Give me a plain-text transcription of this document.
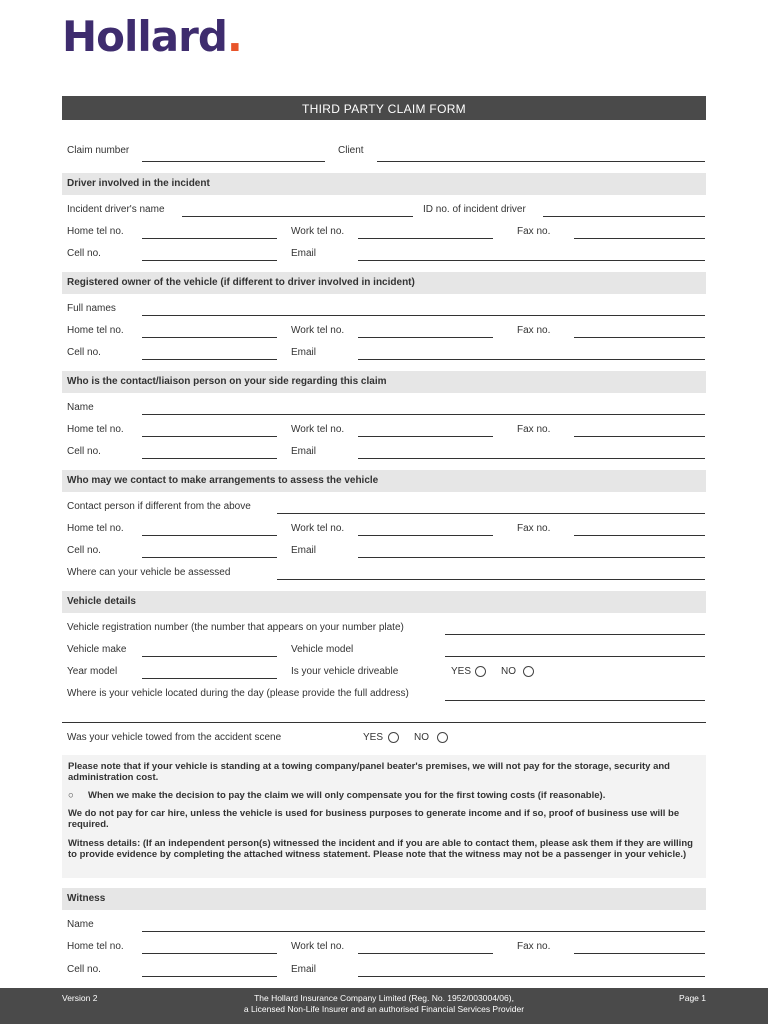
Hollard.
THIRD PARTY CLAIM FORM
Claim number	Client
Driver involved in the incident
Incident driver's name	ID no. of incident driver
Home tel no.	Work tel no.	Fax no.
Cell no.	Email
Registered owner of the vehicle (if different to driver involved in incident)
Full names
Home tel no.	Work tel no.	Fax no.
Cell no.	Email
Who is the contact/liaison person on your side regarding this claim
Name
Home tel no.	Work tel no.	Fax no.
Cell no.	Email
Who may we contact to make arrangements to assess the vehicle
Contact person if different from the above
Home tel no.	Work tel no.	Fax no.
Cell no.	Email
Where can your vehicle be assessed
Vehicle details
Vehicle registration number (the number that appears on your number plate)
Vehicle make	Vehicle model
Year model	Is your vehicle driveable	YES	NO
Where is your vehicle located during the day (please provide the full address)
Was your vehicle towed from the accident scene	YES	NO
Please note that if your vehicle is standing at a towing company/panel beater's premises, we will not pay for the storage, security and administration cost.
○	When we make the decision to pay the claim we will only compensate you for the first towing costs (if reasonable).
We do not pay for car hire, unless the vehicle is used for business purposes to generate income and if so, proof of business use will be required.
Witness details: (If an independent person(s) witnessed the incident and if you are able to contact them, please ask them if they are willing to provide evidence by completing the attached witness statement. Please note that the witness may not be a passenger in your vehicle.)
Witness
Name
Home tel no.	Work tel no.	Fax no.
Cell no.	Email
Version 2	The Hollard Insurance Company Limited (Reg. No. 1952/003004/06),
a Licensed Non-Life Insurer and an authorised Financial Services Provider
Page 1
